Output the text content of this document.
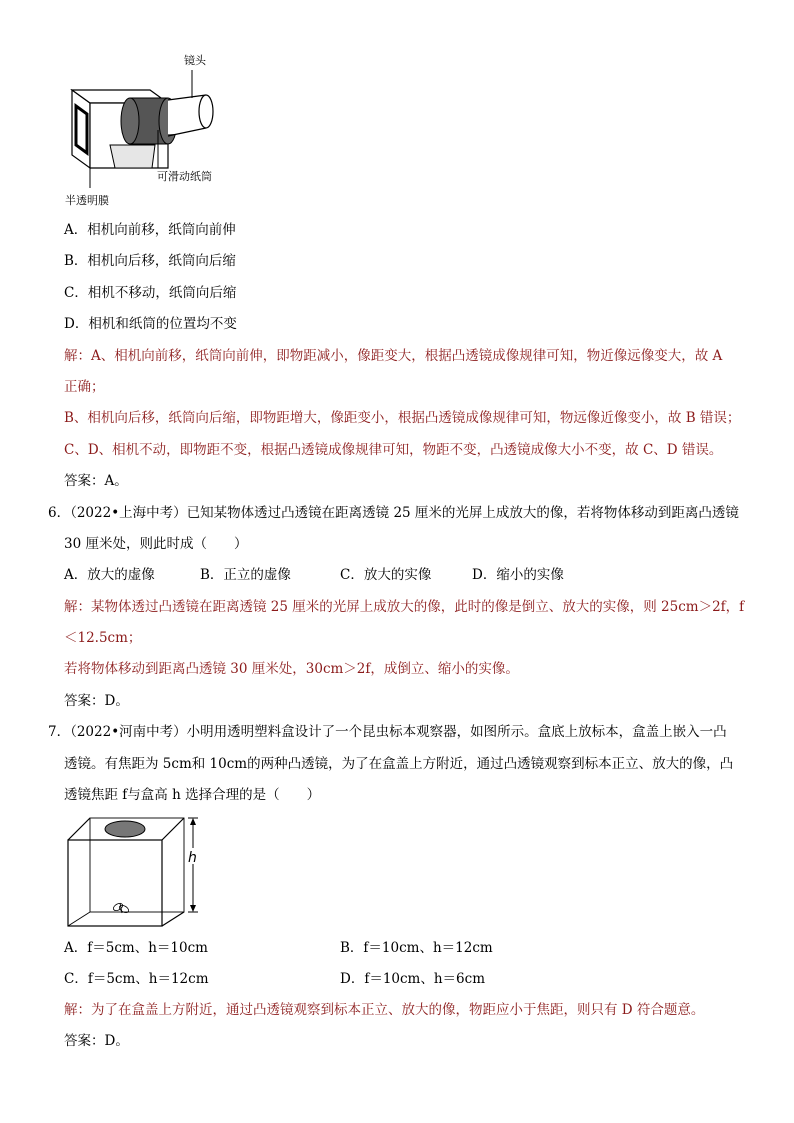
镜头
可滑动纸筒
半透明膜
A．相机向前移，纸筒向前伸
B．相机向后移，纸筒向后缩
C．相机不移动，纸筒向后缩
D．相机和纸筒的位置均不变
解：A、相机向前移，纸筒向前伸，即物距减小，像距变大，根据凸透镜成像规律可知，物近像远像变大，故 A
正确；
B、相机向后移，纸筒向后缩，即物距增大，像距变小，根据凸透镜成像规律可知，物远像近像变小，故 B 错误；
C、D、相机不动，即物距不变，根据凸透镜成像规律可知，物距不变，凸透镜成像大小不变，故 C、D 错误。
答案：A。
6．（2022•上海中考）已知某物体透过凸透镜在距离透镜 25 厘米的光屏上成放大的像，若将物体移动到距离凸透镜
30 厘米处，则此时成（　　）
A．放大的虚像	B．正立的虚像	C．放大的实像	D．缩小的实像
解：某物体透过凸透镜在距离透镜 25 厘米的光屏上成放大的像，此时的像是倒立、放大的实像，则 25cm＞2f，f
＜12.5cm；
若将物体移动到距离凸透镜 30 厘米处，30cm＞2f，成倒立、缩小的实像。
答案：D。
7．（2022•河南中考）小明用透明塑料盒设计了一个昆虫标本观察器，如图所示。盒底上放标本，盒盖上嵌入一凸
透镜。有焦距为 5cm和 10cm的两种凸透镜，为了在盒盖上方附近，通过凸透镜观察到标本正立、放大的像，凸
透镜焦距 f与盒高 h 选择合理的是（　　）
h
A．f＝5cm、h＝10cm	B．f＝10cm、h＝12cm
C．f＝5cm、h＝12cm	D．f＝10cm、h＝6cm
解：为了在盒盖上方附近，通过凸透镜观察到标本正立、放大的像，物距应小于焦距，则只有 D 符合题意。
答案：D。
